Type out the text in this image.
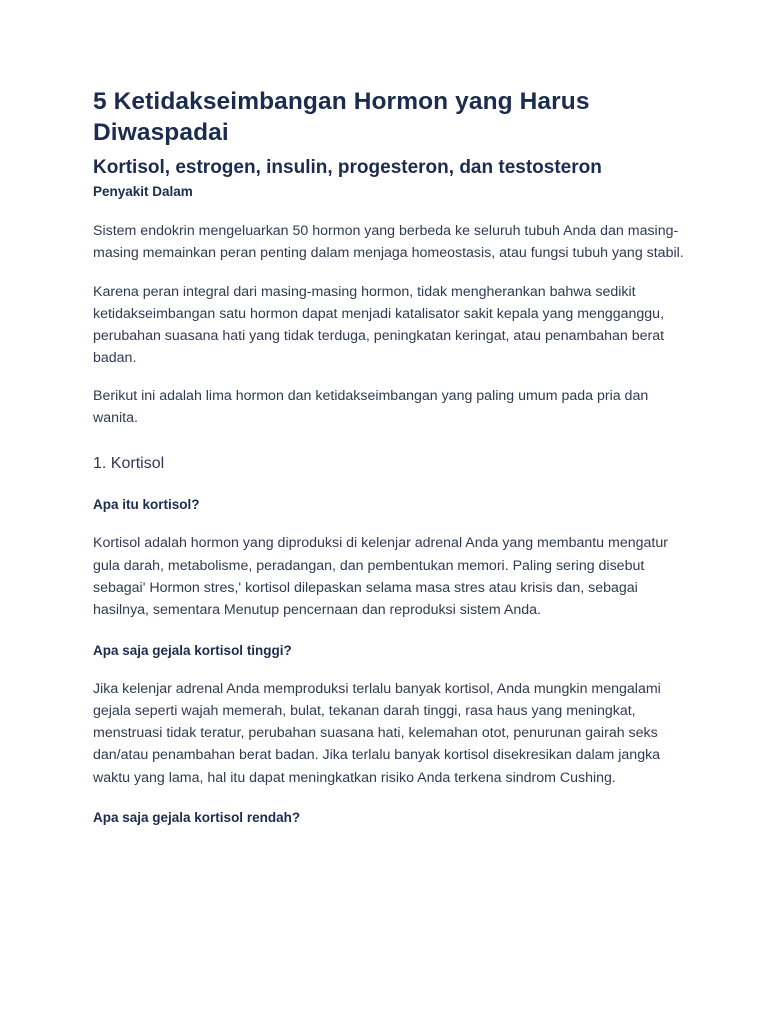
5 Ketidakseimbangan Hormon yang Harus Diwaspadai
Kortisol, estrogen, insulin, progesteron, dan testosteron
Penyakit Dalam

Sistem endokrin mengeluarkan 50 hormon yang berbeda ke seluruh tubuh Anda dan masing-masing memainkan peran penting dalam menjaga homeostasis, atau fungsi tubuh yang stabil.

Karena peran integral dari masing-masing hormon, tidak mengherankan bahwa sedikit ketidakseimbangan satu hormon dapat menjadi katalisator sakit kepala yang mengganggu, perubahan suasana hati yang tidak terduga, peningkatan keringat, atau penambahan berat badan.

Berikut ini adalah lima hormon dan ketidakseimbangan yang paling umum pada pria dan wanita.

1. Kortisol
Apa itu kortisol?

Kortisol adalah hormon yang diproduksi di kelenjar adrenal Anda yang membantu mengatur gula darah, metabolisme, peradangan, dan pembentukan memori. Paling sering disebut sebagai' Hormon stres,' kortisol dilepaskan selama masa stres atau krisis dan, sebagai hasilnya, sementara Menutup pencernaan dan reproduksi sistem Anda.

Apa saja gejala kortisol tinggi?

Jika kelenjar adrenal Anda memproduksi terlalu banyak kortisol, Anda mungkin mengalami gejala seperti wajah memerah, bulat, tekanan darah tinggi, rasa haus yang meningkat, menstruasi tidak teratur, perubahan suasana hati, kelemahan otot, penurunan gairah seks dan/atau penambahan berat badan. Jika terlalu banyak kortisol disekresikan dalam jangka waktu yang lama, hal itu dapat meningkatkan risiko Anda terkena sindrom Cushing.

Apa saja gejala kortisol rendah?
